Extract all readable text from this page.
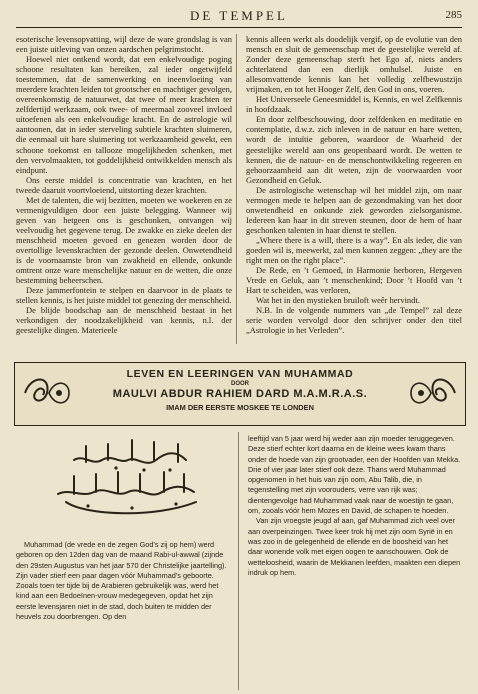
DE TEMPEL	285

esoterische levensopvatting, wijl deze de ware grondslag is van een juiste uitleving van onzen aardschen pelgrimstocht.

Hoewel niet ontkend wordt, dat een enkelvoudige poging schoone resultaten kan bereiken, zal ieder ongetwijfeld toestemmen, dat de samenwerking en ineenvloeiing van meerdere krachten leiden tot grootscher en machtiger gevolgen, overeenkomstig de natuurwet, dat twee of meer krachten ter zelfdertijd werkzaam, ook twee- of meermaal zooveel invloed uitoefenen als een enkelvoudige kracht. En de astrologie wil aantoonen, dat in ieder sterveling subtiele krachten sluimeren, die eenmaal uit hare sluimering tot werkzaamheid gewekt, een schoone toekomst en tallooze mogelijkheden schenken, met den vervolmaakten, tot goddelijkheid ontwikkelden mensch als eindpunt.

Ons eerste middel is concentratie van krachten, en het tweede daaruit voortvloeiend, uitstorting dezer krachten.

Met de talenten, die wij bezitten, moeten we woekeren en ze vermenigvuldigen door een juiste belegging. Wanneer wij geven van hetgeen ons is geschonken, ontvangen wij veelvoudig het gegevene terug. De zwakke en zieke deelen der menschheid moeten gevoed en genezen worden door de overtollige levenskrachten der gezonde deelen. Onwetendheid is de voornaamste bron van zwakheid en ellende, onkunde omtrent onze ware menschelijke natuur en de wetten, die onze bestemming beheerschen.

Deze jammerfontein te stelpen en daarvoor in de plaats te stellen kennis, is het juiste middel tot genezing der menschheid.

De blijde boodschap aan de menschheid bestaat in het verkondigen der noodzakelijkheid van kennis, n.l. der geestelijke dingen. Materieele

kennis alleen werkt als doodelijk vergif, op de evolutie van den mensch en sluit de gemeenschap met de geestelijke wereld af. Zonder deze gemeenschap sterft het Ego af, niets anders achterlatend dan een dierlijk omhulsel. Juiste en allesomvattende kennis kan het volledig zelfbewustzijn vrijmaken, en tot het Hooger Zelf, den God in ons, voeren.

Het Universeele Geneesmiddel is, Kennis, en wel Zelfkennis in hoofdzaak.

En door zelfbeschouwing, door zelfdenken en meditatie en contemplatie, d.w.z. zich inleven in de natuur en hare wetten, wordt de intuïtie geboren, waardoor de Waarheid der geestelijke wereld aan ons geopenbaard wordt. De wetten te kennen, die de natuur- en de menschontwikkeling regeeren en gehoorzaamheid aan dit weten, zijn de voorwaarden voor Gezondheid en Geluk.

De astrologische wetenschap wil het middel zijn, om naar vermogen mede te helpen aan de gezondmaking van het door onwetendheid en onkunde ziek geworden zielsorganisme. Iedereen kan haar in dit streven steunen, door de hem of haar geschonken talenten in haar dienst te stellen.

„Where there is a will, there is a way”. En als ieder, die van goeden wil is, meewerkt, zal men kunnen zeggen: „they are the right men on the right place”.

De Rede, en ’t Gemoed, in Harmonie herboren, Hergeven Vrede en Geluk, aan ’t menschenkind; Door ’t Hoofd van ’t Hart te scheiden, was verloren,

Wat het in den mystieken bruiloft weêr hervindt.

N.B. In de volgende nummers van „de Tempel” zal deze serie worden vervolgd door den schrijver onder den titel „Astrologie in het Verleden”.

LEVEN EN LEERINGEN VAN MUHAMMAD
DOOR
MAULVI ABDUR RAHIEM DARD M.A.M.R.A.S.
IMAM DER EERSTE MOSKEE TE LONDEN

Muhammad (de vrede en de zegen God’s zij op hem) werd geboren op den 12den dag van de maand Rabi-ul-awwal (zijnde den 29sten Augustus van het jaar 570 der Christelijke jaartelling). Zijn vader stierf een paar dagen vóór Muhammad’s geboorte. Zooals toen ter tijde bij de Arabieren gebruikelijk was, werd het kind aan een Bedoeïnen-vrouw medegegeven, opdat het zijn eerste levensjaren niet in de stad, doch buiten te midden der heuvels zou doorbrengen. Op den

leeftijd van 5 jaar werd hij weder aan zijn moeder teruggegeven. Deze stierf echter kort daarna en de kleine wees kwam thans onder de hoede van zijn grootvader, een der Hoofden van Mekka. Drie of vier jaar later stierf ook deze. Thans werd Muhammad opgenomen in het huis van zijn oom, Abu Talib, die, in tegenstelling met zijn voorouders, verre van rijk was; dientengevolge had Muhammad vaak naar de woestijn te gaan, om, zooals vóór hem Mozes en David, de schapen te hoeden.

Van zijn vroegste jeugd af aan, gaf Muhammad zich veel over aan overpeinzingen. Twee keer trok hij met zijn oom Syrië in en was zoo in de gelegenheid de ellende en de boosheid van het daar wonende volk met eigen oogen te aanschouwen. Ook de wetteloosheid, waarin de Mekkanen leefden, maakten een diepen indruk op hem.
